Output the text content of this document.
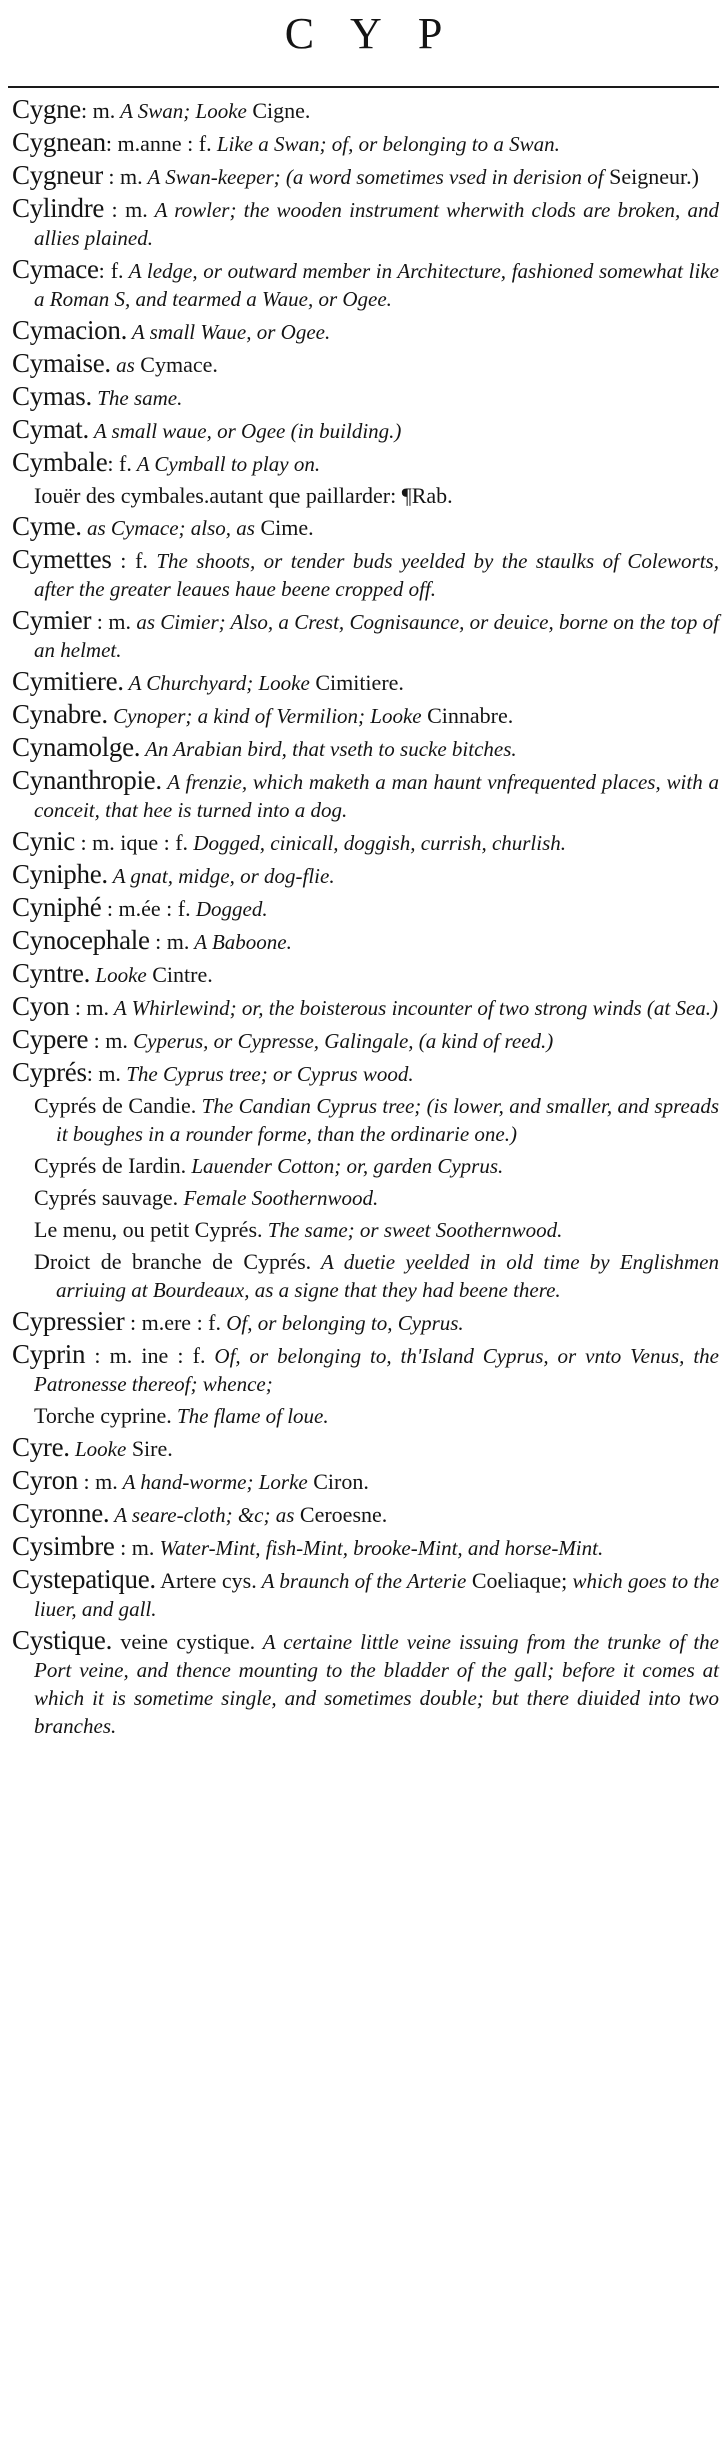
CYP
Cygne: m. A Swan; Looke Cigne.
Cygnean: m.anne : f. Like a Swan; of, or belonging to a Swan.
Cygneur : m. A Swan-keeper; (a word sometimes vsed in derision of Seigneur.)
Cylindre : m. A rowler; the wooden instrument wherwith clods are broken, and allies plained.
Cymace: f. A ledge, or outward member in Architecture, fashioned somewhat like a Roman S, and tearmed a Waue, or Ogee.
Cymacion. A small Waue, or Ogee.
Cymaise. as Cymace.
Cymas. The same.
Cymat. A small waue, or Ogee (in building.)
Cymbale: f. A Cymball to play on.
Iouër des cymbales.autant que paillarder: ¶Rab.
Cyme. as Cymace; also, as Cime.
Cymettes : f. The shoots, or tender buds yeelded by the staulks of Coleworts, after the greater leaues haue beene cropped off.
Cymier : m. as Cimier; Also, a Crest, Cognisaunce, or deuice, borne on the top of an helmet.
Cymitiere. A Churchyard; Looke Cimitiere.
Cynabre. Cynoper; a kind of Vermilion; Looke Cinnabre.
Cynamolge. An Arabian bird, that vseth to sucke bitches.
Cynanthropie. A frenzie, which maketh a man haunt vnfrequented places, with a conceit, that hee is turned into a dog.
Cynic : m. ique : f. Dogged, cinicall, doggish, currish, churlish.
Cyniphe. A gnat, midge, or dog-flie.
Cyniphé : m.ée : f. Dogged.
Cynocephale : m. A Baboone.
Cyntre. Looke Cintre.
Cyon : m. A Whirlewind; or, the boisterous incounter of two strong winds (at Sea.)
Cypere : m. Cyperus, or Cypresse, Galingale, (a kind of reed.)
Cyprés: m. The Cyprus tree; or Cyprus wood.
Cyprés de Candie. The Candian Cyprus tree; (is lower, and smaller, and spreads it boughes in a rounder forme, than the ordinarie one.)
Cyprés de Iardin. Lauender Cotton; or, garden Cyprus.
Cyprés sauvage. Female Soothernwood.
Le menu, ou petit Cyprés. The same; or sweet Soothernwood.
Droict de branche de Cyprés. A duetie yeelded in old time by Englishmen arriuing at Bourdeaux, as a signe that they had beene there.
Cypressier : m.ere : f. Of, or belonging to, Cyprus.
Cyprin : m. ine : f. Of, or belonging to, th'Island Cyprus, or vnto Venus, the Patronesse thereof; whence;
Torche cyprine. The flame of loue.
Cyre. Looke Sire.
Cyron : m. A hand-worme; Lorke Ciron.
Cyronne. A seare-cloth; &c; as Ceroesne.
Cysimbre : m. Water-Mint, fish-Mint, brooke-Mint, and horse-Mint.
Cystepatique. Artere cys. A braunch of the Arterie Coeliaque; which goes to the liuer, and gall.
Cystique. veine cystique. A certaine little veine issuing from the trunke of the Port veine, and thence mounting to the bladder of the gall; before it comes at which it is sometime single, and sometimes double; but there diuided into two branches.
